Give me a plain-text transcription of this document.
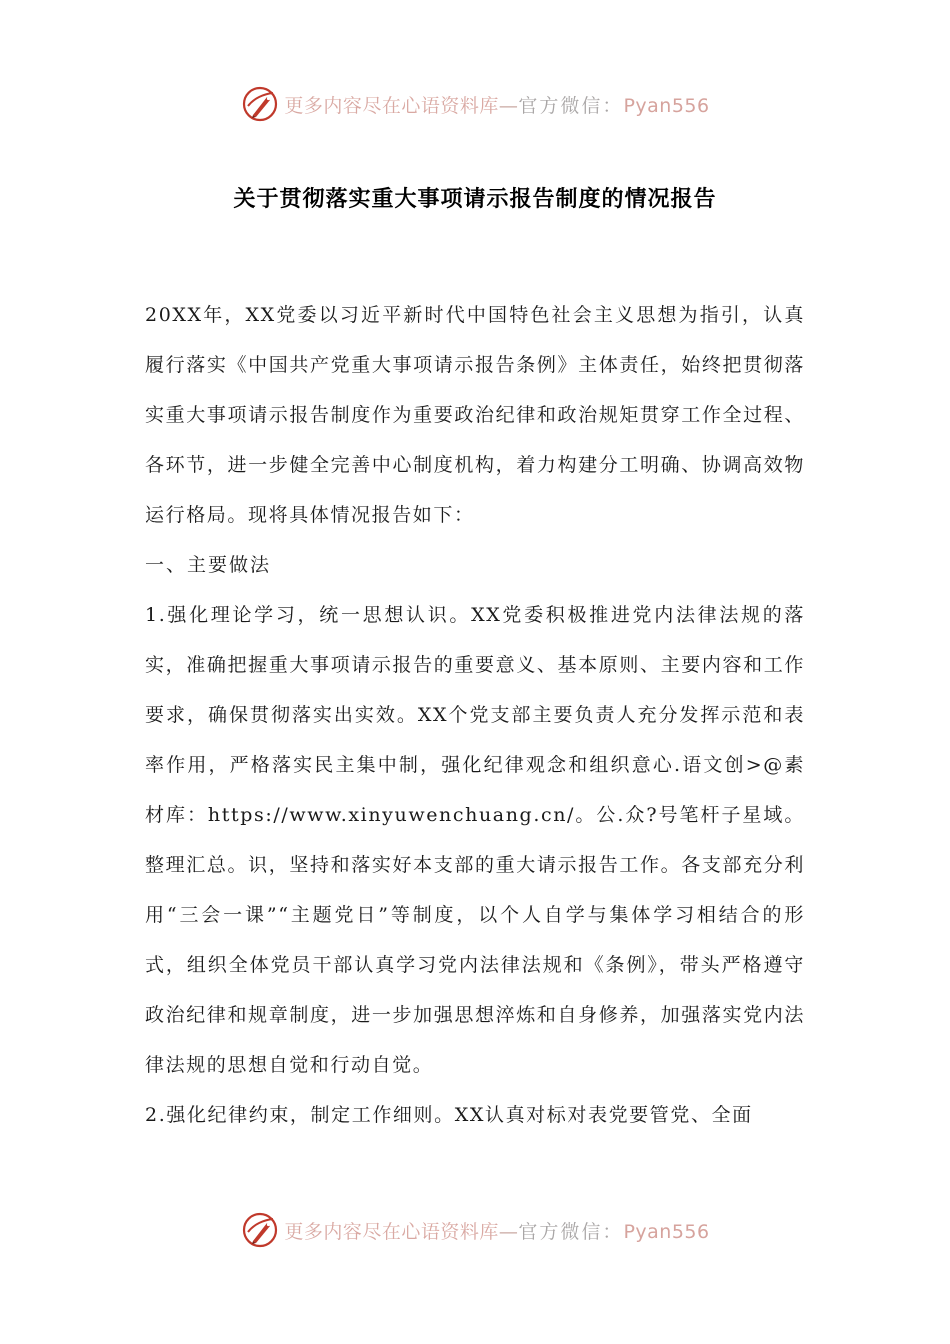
更多内容尽在心语资料库—官方微信：Pyan556
关于贯彻落实重大事项请示报告制度的情况报告

20XX年，XX党委以习近平新时代中国特色社会主义思想为指引，认真履行落实《中国共产党重大事项请示报告条例》主体责任，始终把贯彻落实重大事项请示报告制度作为重要政治纪律和政治规矩贯穿工作全过程、各环节，进一步健全完善中心制度机构，着力构建分工明确、协调高效物运行格局。现将具体情况报告如下：

一、主要做法

1.强化理论学习，统一思想认识。XX党委积极推进党内法律法规的落实，准确把握重大事项请示报告的重要意义、基本原则、主要内容和工作要求，确保贯彻落实出实效。XX个党支部主要负责人充分发挥示范和表率作用，严格落实民主集中制，强化纪律观念和组织意心.语文创>@素材库：https://www.xinyuwenchuang.cn/。公.众?号笔杆子星域。整理汇总。识，坚持和落实好本支部的重大请示报告工作。各支部充分利用“三会一课”“主题党日”等制度，以个人自学与集体学习相结合的形式，组织全体党员干部认真学习党内法律法规和《条例》，带头严格遵守政治纪律和规章制度，进一步加强思想淬炼和自身修养，加强落实党内法律法规的思想自觉和行动自觉。

2.强化纪律约束，制定工作细则。XX认真对标对表党要管党、全面

更多内容尽在心语资料库—官方微信：Pyan556
